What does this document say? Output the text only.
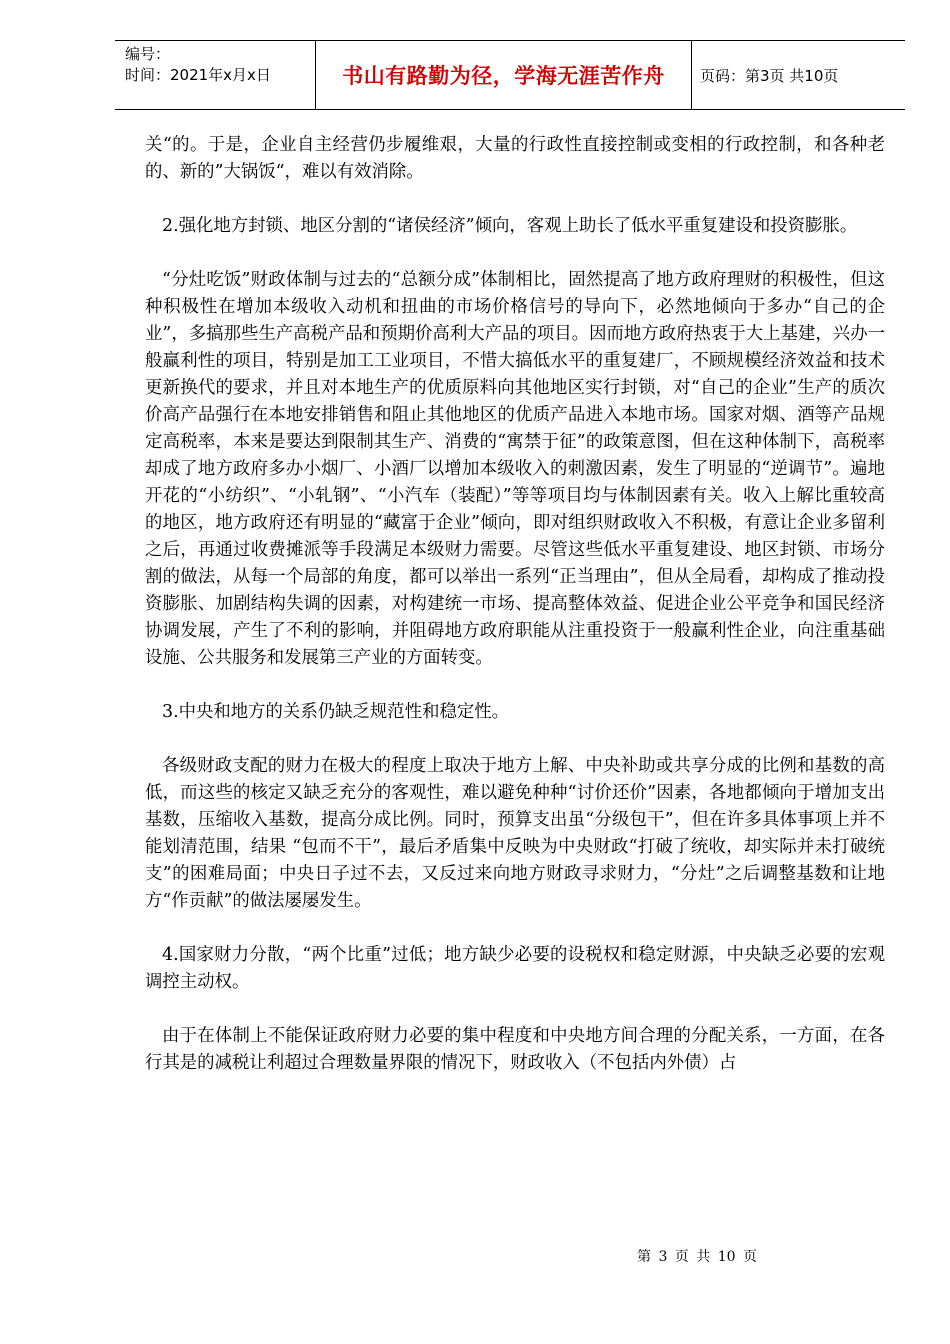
编号：
时间：2021年x月x日	书山有路勤为径，学海无涯苦作舟	页码：第3页 共10页

关“的。于是，企业自主经营仍步履维艰，大量的行政性直接控制或变相的行政控制，和各种老的、新的”大锅饭“，难以有效消除。

2.强化地方封锁、地区分割的“诸侯经济”倾向，客观上助长了低水平重复建设和投资膨胀。

“分灶吃饭”财政体制与过去的“总额分成”体制相比，固然提高了地方政府理财的积极性，但这种积极性在增加本级收入动机和扭曲的市场价格信号的导向下，必然地倾向于多办“自己的企业”，多搞那些生产高税产品和预期价高利大产品的项目。因而地方政府热衷于大上基建，兴办一般赢利性的项目，特别是加工工业项目，不惜大搞低水平的重复建厂，不顾规模经济效益和技术更新换代的要求，并且对本地生产的优质原料向其他地区实行封锁，对“自己的企业”生产的质次价高产品强行在本地安排销售和阻止其他地区的优质产品进入本地市场。国家对烟、酒等产品规定高税率，本来是要达到限制其生产、消费的“寓禁于征”的政策意图，但在这种体制下，高税率却成了地方政府多办小烟厂、小酒厂以增加本级收入的刺激因素，发生了明显的“逆调节”。遍地开花的“小纺织”、“小轧钢”、“小汽车（装配）”等等项目均与体制因素有关。收入上解比重较高的地区，地方政府还有明显的“藏富于企业”倾向，即对组织财政收入不积极，有意让企业多留利之后，再通过收费摊派等手段满足本级财力需要。尽管这些低水平重复建设、地区封锁、市场分割的做法，从每一个局部的角度，都可以举出一系列“正当理由”，但从全局看，却构成了推动投资膨胀、加剧结构失调的因素，对构建统一市场、提高整体效益、促进企业公平竞争和国民经济协调发展，产生了不利的影响，并阻碍地方政府职能从注重投资于一般赢利性企业，向注重基础设施、公共服务和发展第三产业的方面转变。

3.中央和地方的关系仍缺乏规范性和稳定性。

各级财政支配的财力在极大的程度上取决于地方上解、中央补助或共享分成的比例和基数的高低，而这些的核定又缺乏充分的客观性，难以避免种种“讨价还价”因素，各地都倾向于增加支出基数，压缩收入基数，提高分成比例。同时，预算支出虽“分级包干”，但在许多具体事项上并不能划清范围，结果 “包而不干”，最后矛盾集中反映为中央财政“打破了统收，却实际并未打破统支”的困难局面；中央日子过不去，又反过来向地方财政寻求财力，“分灶”之后调整基数和让地方“作贡献”的做法屡屡发生。

4.国家财力分散，“两个比重”过低；地方缺少必要的设税权和稳定财源，中央缺乏必要的宏观调控主动权。

由于在体制上不能保证政府财力必要的集中程度和中央地方间合理的分配关系，一方面，在各行其是的减税让利超过合理数量界限的情况下，财政收入（不包括内外债）占

第 3 页 共 10 页
